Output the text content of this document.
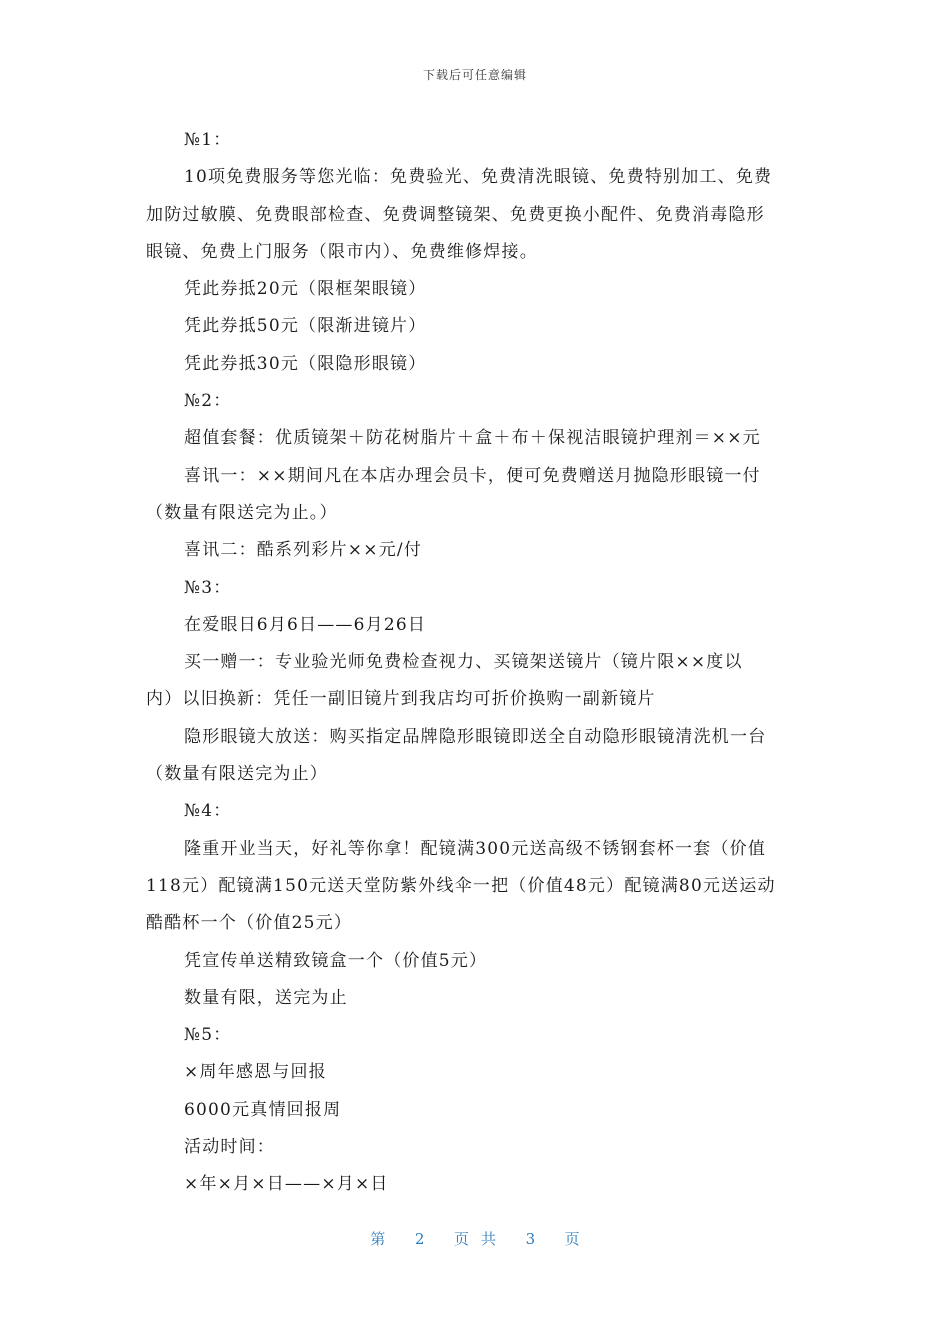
下载后可任意编辑
№1：
10项免费服务等您光临：免费验光、免费清洗眼镜、免费特别加工、免费
加防过敏膜、免费眼部检查、免费调整镜架、免费更换小配件、免费消毒隐形
眼镜、免费上门服务（限市内）、免费维修焊接。
凭此券抵20元（限框架眼镜）
凭此券抵50元（限渐进镜片）
凭此券抵30元（限隐形眼镜）
№2：
超值套餐：优质镜架＋防花树脂片＋盒＋布＋保视洁眼镜护理剂＝××元
喜讯一：××期间凡在本店办理会员卡，便可免费赠送月抛隐形眼镜一付
（数量有限送完为止。）
喜讯二：酷系列彩片××元/付
№3：
在爱眼日6月6日——6月26日
买一赠一：专业验光师免费检查视力、买镜架送镜片（镜片限××度以
内）以旧换新：凭任一副旧镜片到我店均可折价换购一副新镜片
隐形眼镜大放送：购买指定品牌隐形眼镜即送全自动隐形眼镜清洗机一台
（数量有限送完为止）
№4：
隆重开业当天，好礼等你拿！配镜满300元送高级不锈钢套杯一套（价值
118元）配镜满150元送天堂防紫外线伞一把（价值48元）配镜满80元送运动
酷酷杯一个（价值25元）
凭宣传单送精致镜盒一个（价值5元）
数量有限，送完为止
№5：
×周年感恩与回报
6000元真情回报周
活动时间：
×年×月×日——×月×日
第 2 页共 3 页
